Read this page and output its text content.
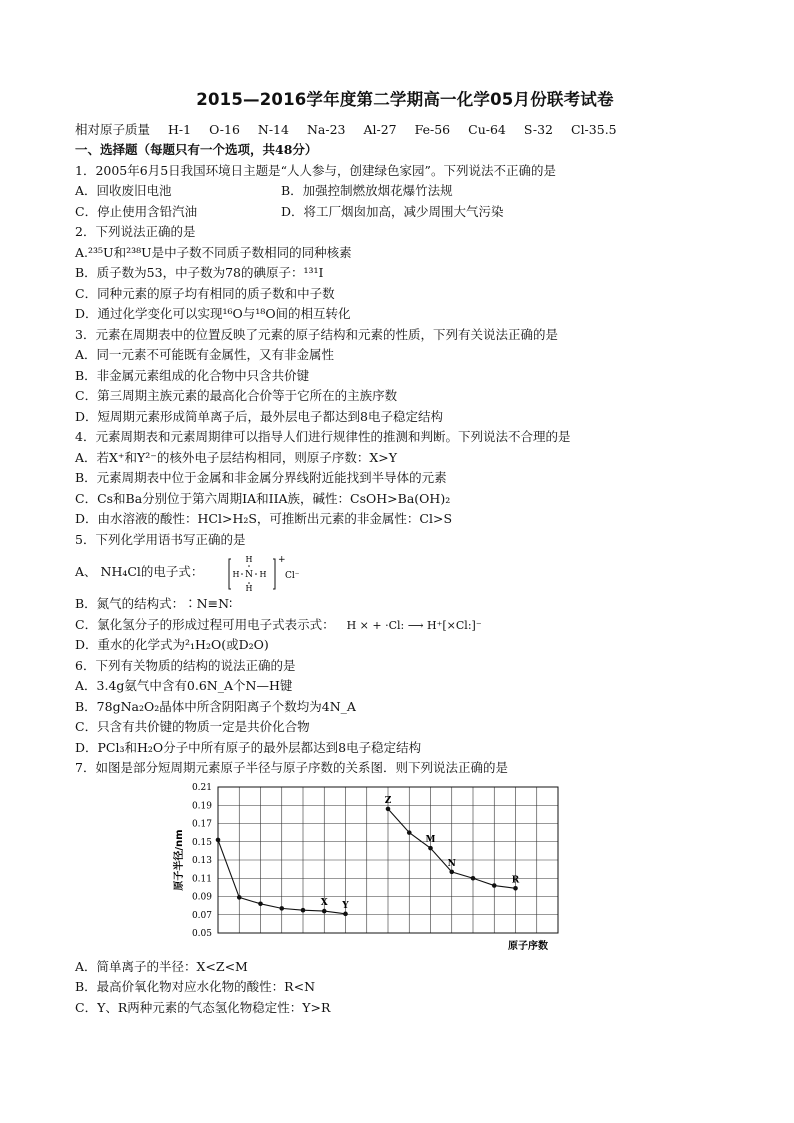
2015—2016学年度第二学期高一化学05月份联考试卷
相对原子质量 H-1 O-16 N-14 Na-23 Al-27 Fe-56 Cu-64 S-32 Cl-35.5
一、选择题（每题只有一个选项，共48分）
1．2005年6月5日我国环境日主题是“人人参与，创建绿色家园”。下列说法不正确的是
A．回收废旧电池	B．加强控制燃放烟花爆竹法规
C．停止使用含铅汽油	D．将工厂烟囱加高，减少周围大气污染
2．下列说法正确的是
A.²³⁵U和²³⁸U是中子数不同质子数相同的同种核素
B．质子数为53，中子数为78的碘原子：¹³¹I
C．同种元素的原子均有相同的质子数和中子数
D．通过化学变化可以实现¹⁶O与¹⁸O间的相互转化
3．元素在周期表中的位置反映了元素的原子结构和元素的性质，下列有关说法正确的是
A．同一元素不可能既有金属性，又有非金属性
B．非金属元素组成的化合物中只含共价键
C．第三周期主族元素的最高化合价等于它所在的主族序数
D．短周期元素形成简单离子后，最外层电子都达到8电子稳定结构
4．元素周期表和元素周期律可以指导人们进行规律性的推测和判断。下列说法不合理的是
A．若X⁺和Y²⁻的核外电子层结构相同，则原子序数：X>Y
B．元素周期表中位于金属和非金属分界线附近能找到半导体的元素
C．Cs和Ba分别位于第六周期IA和IIA族，碱性：CsOH>Ba(OH)₂
D．由水溶液的酸性：HCl>H₂S，可推断出元素的非金属性：Cl>S
5．下列化学用语书写正确的是
A、 NH₄Cl的电子式：
H
H
H	H
N
+
Cl⁻
B．氮气的结构式：∶N≡N∶
C．氯化氢分子的形成过程可用电子式表示式： H × + ·Cl: ⟶ H⁺[×Cl:]⁻
D．重水的化学式为²₁H₂O(或D₂O)
6．下列有关物质的结构的说法正确的是
A．3.4g氨气中含有0.6N_A个N—H键
B．78gNa₂O₂晶体中所含阴阳离子个数均为4N_A
C．只含有共价键的物质一定是共价化合物
D．PCl₃和H₂O分子中所有原子的最外层都达到8电子稳定结构
7．如图是部分短周期元素原子半径与原子序数的关系图．则下列说法正确的是
0.21
0.19
0.17
0.15
0.13
0.11
0.09
0.07
0.05
原子半径/nm
原子序数
X Y
Z
M
N
R
A．简单离子的半径：X<Z<M
B．最高价氧化物对应水化物的酸性：R<N
C．Y、R两种元素的气态氢化物稳定性：Y>R
